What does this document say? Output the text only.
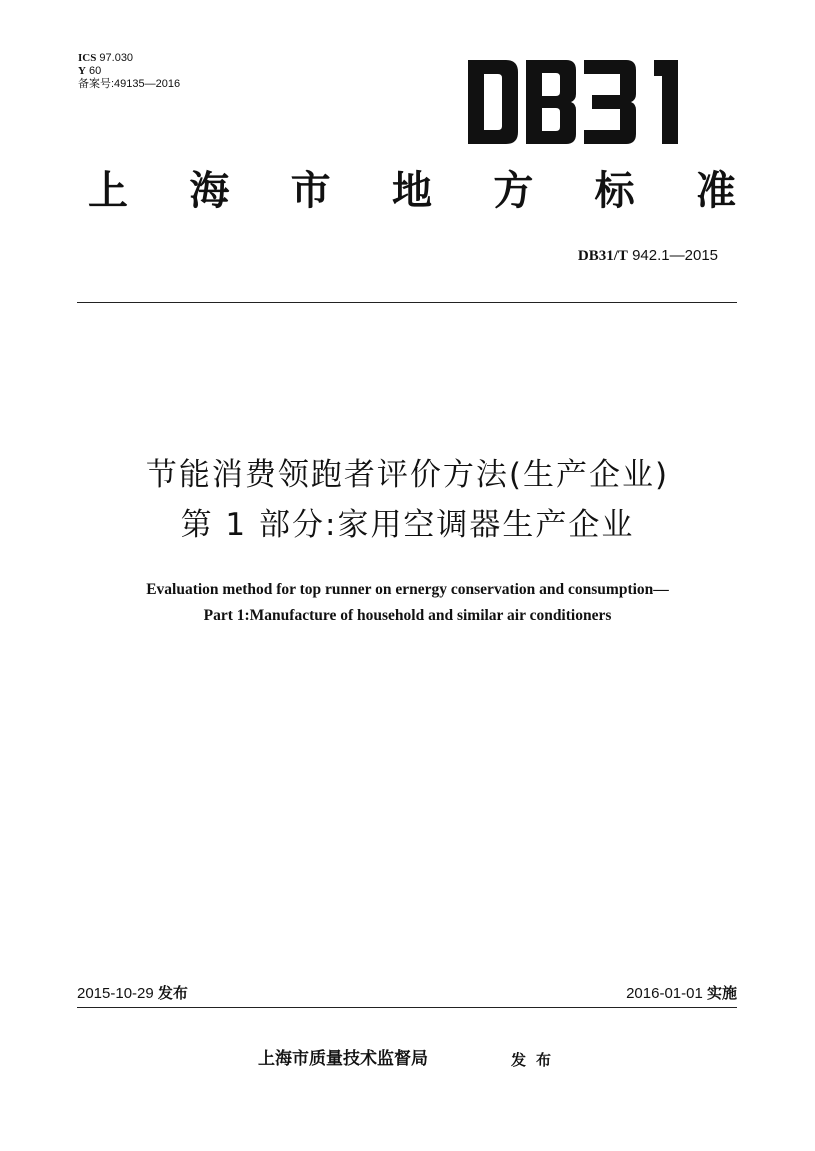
ICS 97.030
Y 60
备案号:49135—2016
上 海 市 地 方 标 准
DB31/T 942.1—2015
节能消费领跑者评价方法(生产企业)
第 1 部分:家用空调器生产企业
Evaluation method for top runner on ernergy conservation and consumption—
Part 1:Manufacture of household and similar air conditioners
2015-10-29 发布	2016-01-01 实施
上海市质量技术监督局	发布
